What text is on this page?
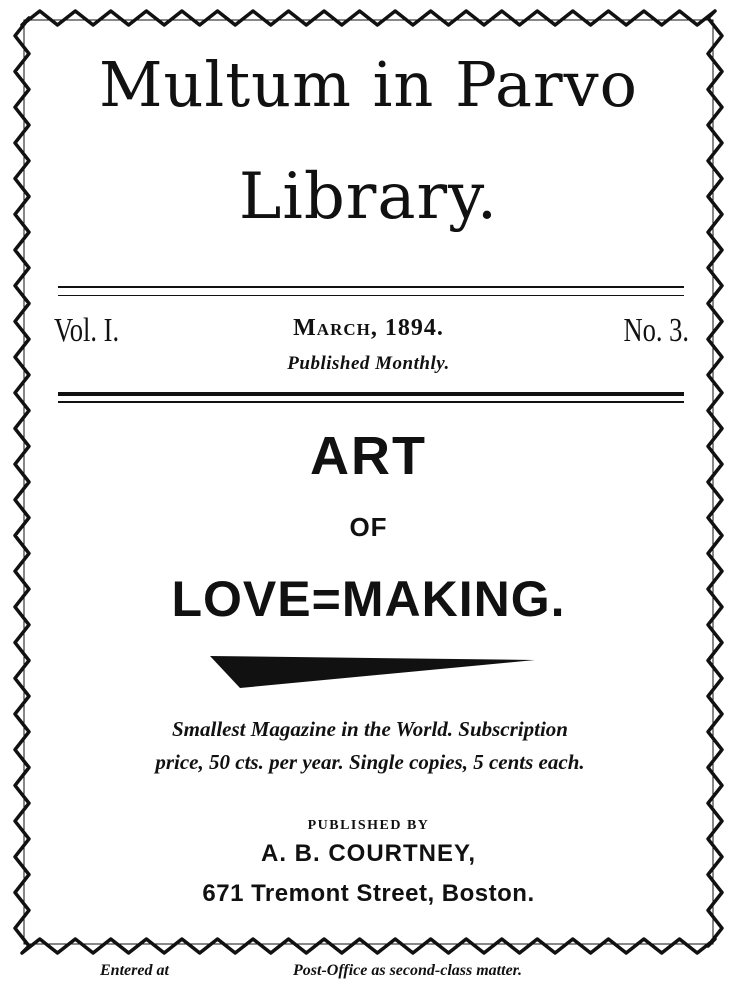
Multum in Parvo
Library.
Vol. I.	March, 1894.
Published Monthly.
No. 3.
ART
OF
LOVE=MAKING.
Smallest Magazine in the World. Subscription
price, 50 cts. per year. Single copies, 5 cents each.
PUBLISHED BY
A. B. COURTNEY,
671 Tremont Street, Boston.
Entered at	Post-Office as second-class matter.
